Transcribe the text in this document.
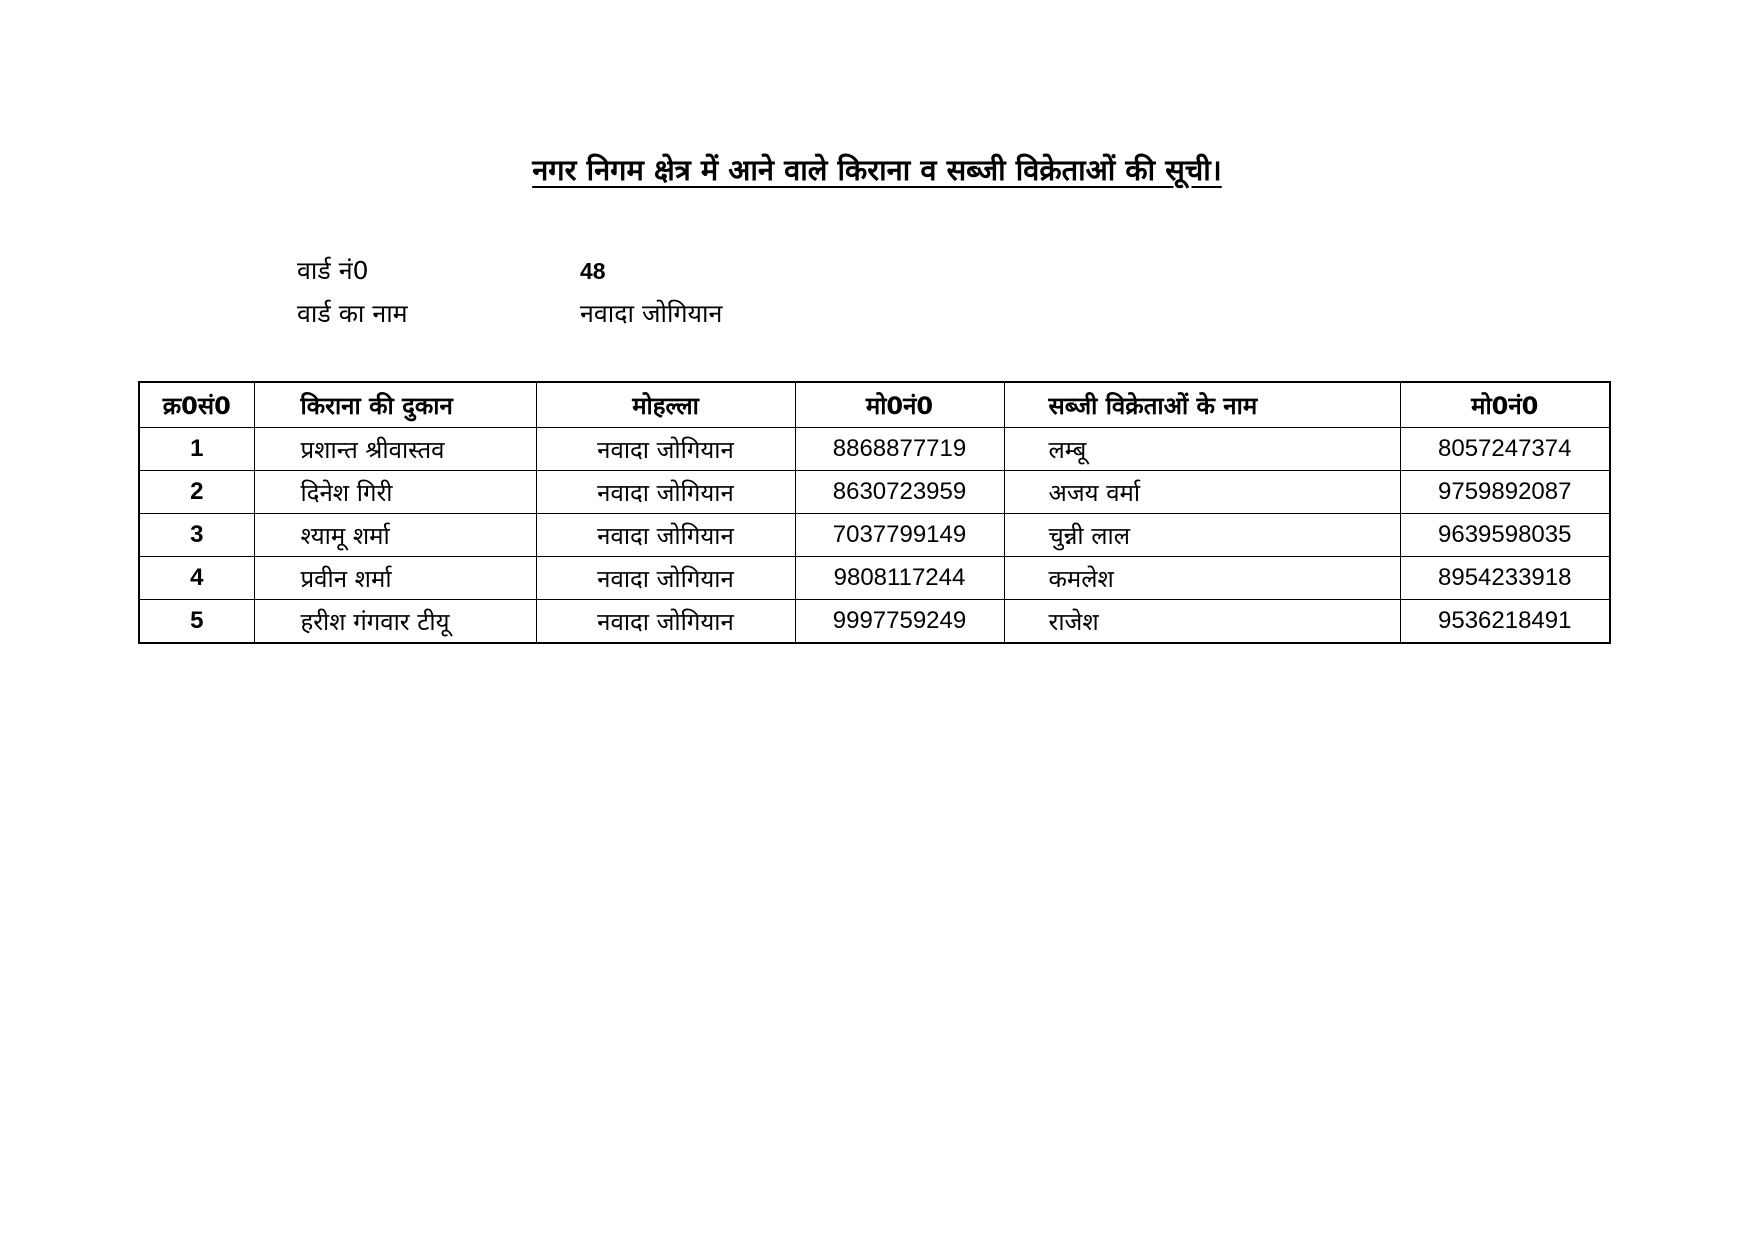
नगर निगम क्षेत्र में आने वाले किराना व सब्जी विक्रेताओं की सूची।
वार्ड नं0	48
वार्ड का नाम	नवादा जोगियान
क्र0सं0	किराना की दुकान	मोहल्ला	मो0नं0	सब्जी विक्रेताओं के नाम	मो0नं0
1	प्रशान्त श्रीवास्तव	नवादा जोगियान	8868877719	लम्बू	8057247374
2	दिनेश गिरी	नवादा जोगियान	8630723959	अजय वर्मा	9759892087
3	श्यामू शर्मा	नवादा जोगियान	7037799149	चुन्नी लाल	9639598035
4	प्रवीन शर्मा	नवादा जोगियान	9808117244	कमलेश	8954233918
5	हरीश गंगवार टीयू	नवादा जोगियान	9997759249	राजेश	9536218491
